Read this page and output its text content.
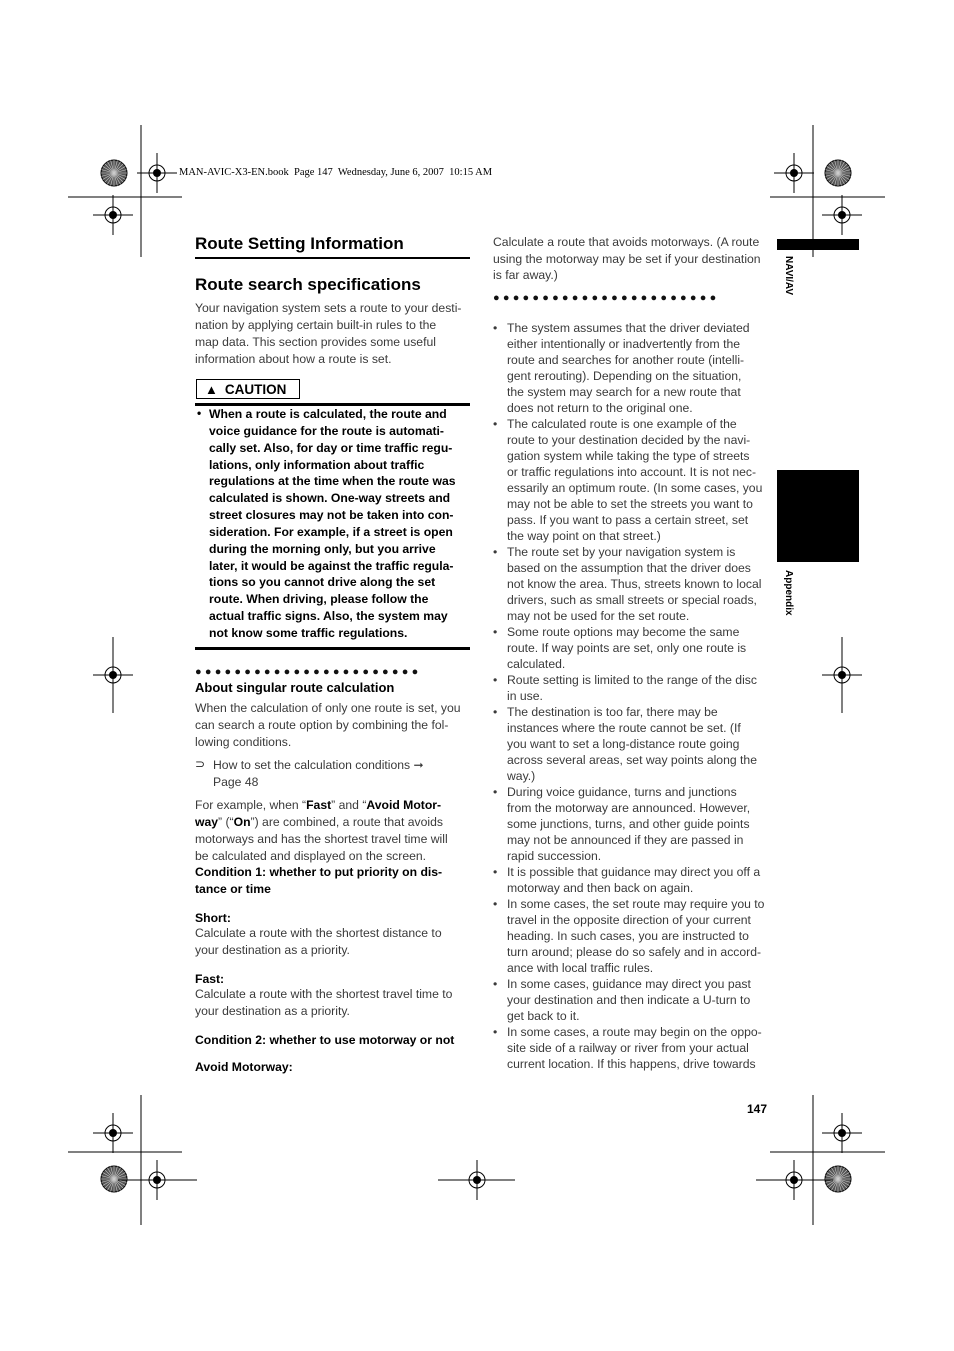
MAN-AVIC-X3-EN.book  Page 147  Wednesday, June 6, 2007  10:15 AM
Route Setting Information
Route search specifications
Your navigation system sets a route to your desti-
nation by applying certain built-in rules to the
map data. This section provides some useful
information about how a route is set.
▲ CAUTION
• When a route is calculated, the route and
voice guidance for the route is automati-
cally set. Also, for day or time traffic regu-
lations, only information about traffic
regulations at the time when the route was
calculated is shown. One-way streets and
street closures may not be taken into con-
sideration. For example, if a street is open
during the morning only, but you arrive
later, it would be against the traffic regula-
tions so you cannot drive along the set
route. When driving, please follow the
actual traffic signs. Also, the system may
not know some traffic regulations.
●●●●●●●●●●●●●●●●●●●●●●●
About singular route calculation
When the calculation of only one route is set, you
can search a route option by combining the fol-
lowing conditions.
⊃ How to set the calculation conditions ➞
Page 48
For example, when “Fast” and “Avoid Motor-
way” (“On”) are combined, a route that avoids
motorways and has the shortest travel time will
be calculated and displayed on the screen.
Condition 1: whether to put priority on dis-
tance or time
Short:
Calculate a route with the shortest distance to
your destination as a priority.
Fast:
Calculate a route with the shortest travel time to
your destination as a priority.
Condition 2: whether to use motorway or not
Avoid Motorway:
Calculate a route that avoids motorways. (A route
using the motorway may be set if your destination
is far away.)
●●●●●●●●●●●●●●●●●●●●●●●
• The system assumes that the driver deviated
either intentionally or inadvertently from the
route and searches for another route (intelli-
gent rerouting). Depending on the situation,
the system may search for a new route that
does not return to the original one.
• The calculated route is one example of the
route to your destination decided by the navi-
gation system while taking the type of streets
or traffic regulations into account. It is not nec-
essarily an optimum route. (In some cases, you
may not be able to set the streets you want to
pass. If you want to pass a certain street, set
the way point on that street.)
• The route set by your navigation system is
based on the assumption that the driver does
not know the area. Thus, streets known to local
drivers, such as small streets or special roads,
may not be used for the set route.
• Some route options may become the same
route. If way points are set, only one route is
calculated.
• Route setting is limited to the range of the disc
in use.
• The destination is too far, there may be
instances where the route cannot be set. (If
you want to set a long-distance route going
across several areas, set way points along the
way.)
• During voice guidance, turns and junctions
from the motorway are announced. However,
some junctions, turns, and other guide points
may not be announced if they are passed in
rapid succession.
• It is possible that guidance may direct you off a
motorway and then back on again.
• In some cases, the set route may require you to
travel in the opposite direction of your current
heading. In such cases, you are instructed to
turn around; please do so safely and in accord-
ance with local traffic rules.
• In some cases, guidance may direct you past
your destination and then indicate a U-turn to
get back to it.
• In some cases, a route may begin on the oppo-
site side of a railway or river from your actual
current location. If this happens, drive towards
NAVI/AV
Appendix
147
